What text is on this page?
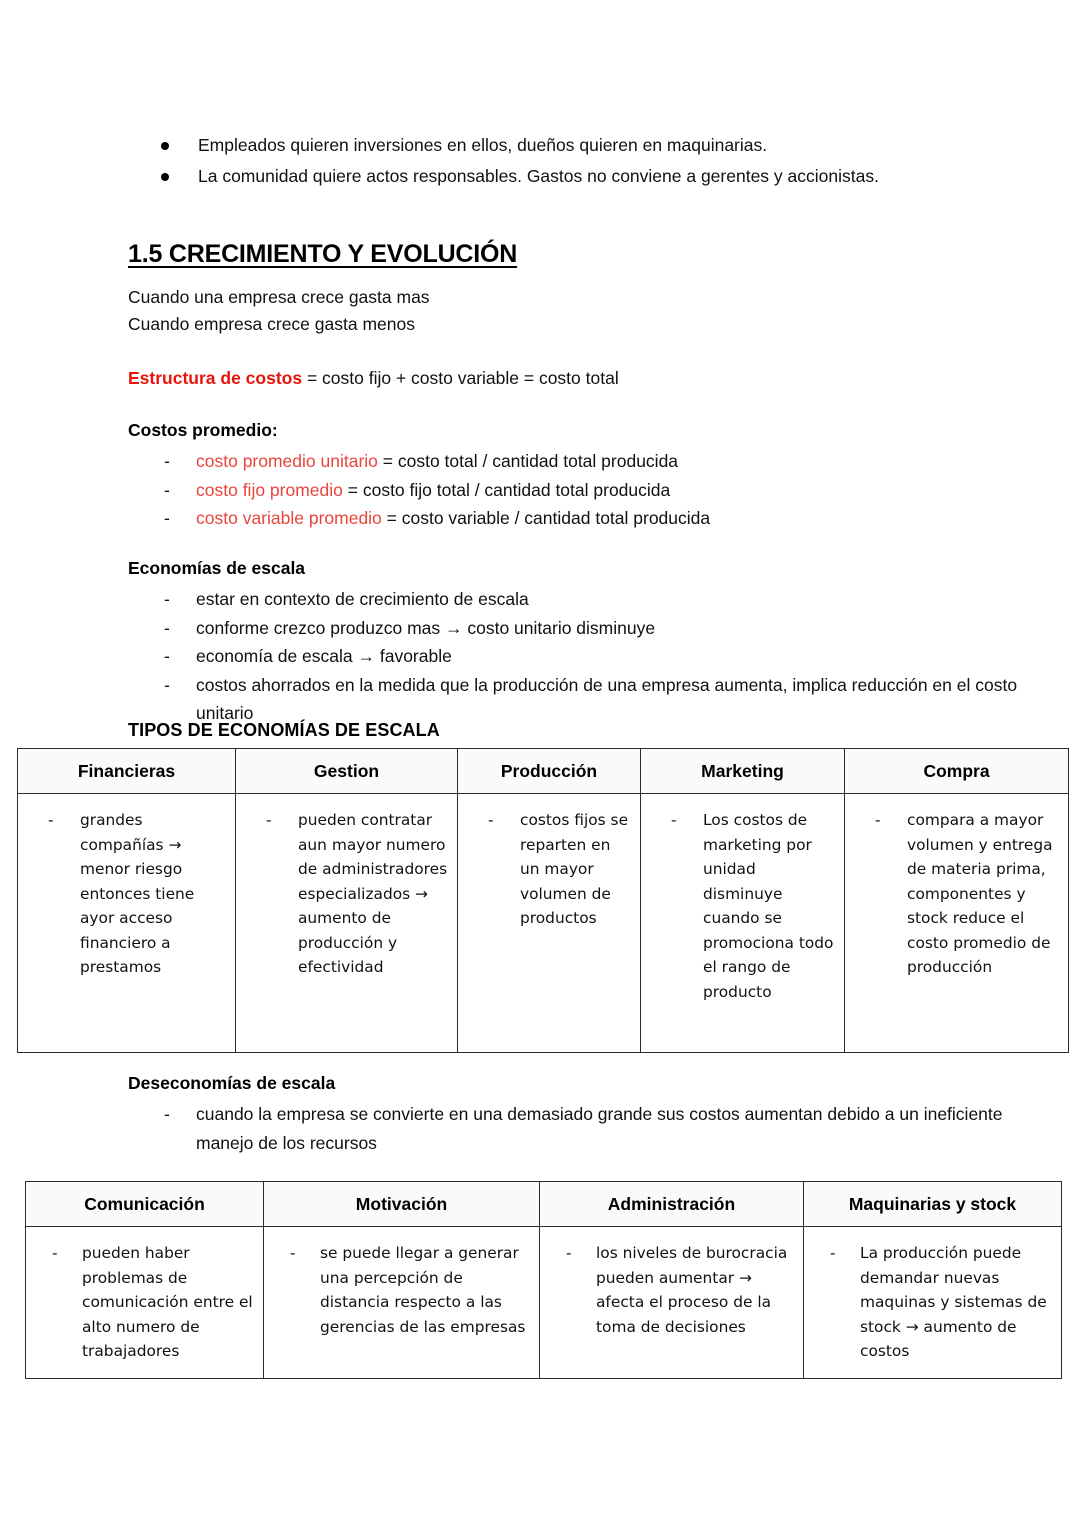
Empleados quieren inversiones en ellos, dueños quieren en maquinarias.
La comunidad quiere actos responsables. Gastos no conviene a gerentes y accionistas.
1.5 CRECIMIENTO Y EVOLUCIÓN
Cuando una empresa crece gasta mas
Cuando empresa crece gasta menos
Estructura de costos = costo fijo + costo variable = costo total
Costos promedio:
- costo promedio unitario = costo total / cantidad total producida
- costo fijo promedio = costo fijo total / cantidad total producida
- costo variable promedio = costo variable / cantidad total producida
Economías de escala
- estar en contexto de crecimiento de escala
- conforme crezco produzco mas → costo unitario disminuye
- economía de escala → favorable
- costos ahorrados en la medida que la producción de una empresa aumenta, implica reducción en el costo unitario
TIPOS DE ECONOMÍAS DE ESCALA
Financieras	Gestion	Producción	Marketing	Compra

- grandes compañías → menor riesgo entonces tiene ayor acceso financiero a prestamos	- pueden contratar aun mayor numero de administradores especializados → aumento de producción y efectividad	- costos fijos se reparten en un mayor volumen de productos	- Los costos de marketing por unidad disminuye cuando se promociona todo el rango de producto	- compara a mayor volumen y entrega de materia prima, componentes y stock reduce el costo promedio de producción
Deseconomías de escala
- cuando la empresa se convierte en una demasiado grande sus costos aumentan debido a un ineficiente manejo de los recursos
Comunicación	Motivación	Administración	Maquinarias y stock

- pueden haber problemas de comunicación entre el alto numero de trabajadores	- se puede llegar a generar una percepción de distancia respecto a las gerencias de las empresas	- los niveles de burocracia pueden aumentar → afecta el proceso de la toma de decisiones	- La producción puede demandar nuevas maquinas y sistemas de stock → aumento de costos
